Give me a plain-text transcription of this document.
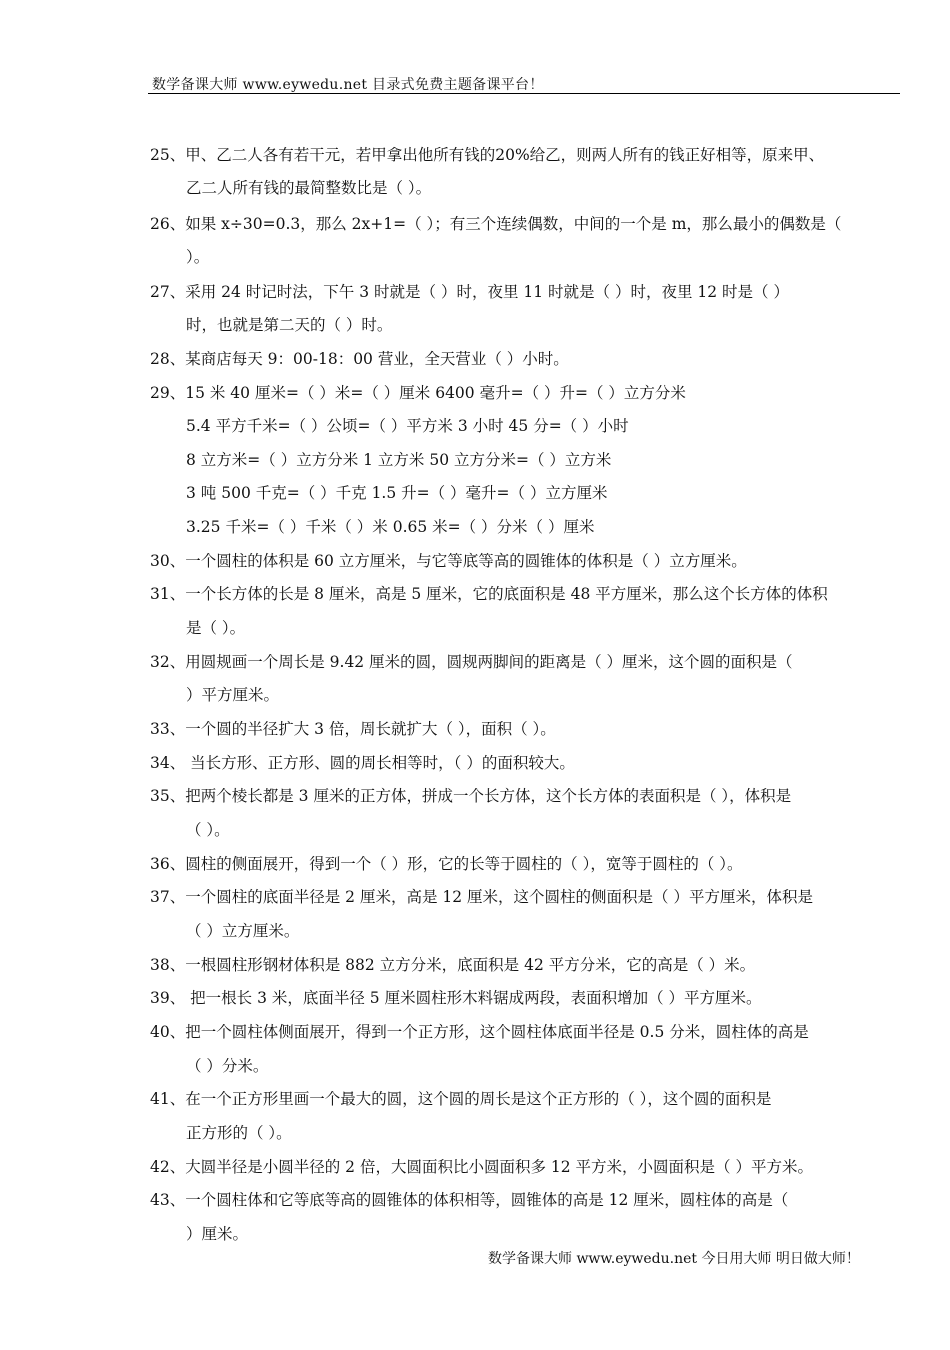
数学备课大师 www.eywedu.net 目录式免费主题备课平台！
25、甲、乙二人各有若干元，若甲拿出他所有钱的20%给乙，则两人所有的钱正好相等，原来甲、
乙二人所有钱的最简整数比是（ ）。
26、如果 x÷30=0.3，那么 2x+1=（ ）；有三个连续偶数，中间的一个是 m，那么最小的偶数是（
）。
27、采用 24 时记时法，下午 3 时就是（ ）时，夜里 11 时就是（ ）时，夜里 12 时是（ ）
时，也就是第二天的（ ）时。
28、某商店每天 9：00-18：00 营业，全天营业（ ）小时。
29、15 米 40 厘米=（ ）米=（ ）厘米 6400 毫升=（ ）升=（ ）立方分米
5.4 平方千米=（ ）公顷=（ ）平方米 3 小时 45 分=（ ）小时
8 立方米=（ ）立方分米 1 立方米 50 立方分米=（ ）立方米
3 吨 500 千克=（ ）千克 1.5 升=（ ）毫升=（ ）立方厘米
3.25 千米=（ ）千米（ ）米 0.65 米=（ ）分米（ ）厘米
30、一个圆柱的体积是 60 立方厘米，与它等底等高的圆锥体的体积是（ ）立方厘米。
31、一个长方体的长是 8 厘米，高是 5 厘米，它的底面积是 48 平方厘米，那么这个长方体的体积
是（ ）。
32、用圆规画一个周长是 9.42 厘米的圆，圆规两脚间的距离是（ ）厘米，这个圆的面积是（
）平方厘米。
33、一个圆的半径扩大 3 倍，周长就扩大（ ），面积（ ）。
34、 当长方形、正方形、圆的周长相等时，（ ）的面积较大。
35、把两个棱长都是 3 厘米的正方体，拼成一个长方体，这个长方体的表面积是（ ），体积是
（ ）。
36、圆柱的侧面展开，得到一个（ ）形，它的长等于圆柱的（ ），宽等于圆柱的（ ）。
37、一个圆柱的底面半径是 2 厘米，高是 12 厘米，这个圆柱的侧面积是（ ）平方厘米，体积是
（ ）立方厘米。
38、一根圆柱形钢材体积是 882 立方分米，底面积是 42 平方分米，它的高是（ ）米。
39、 把一根长 3 米，底面半径 5 厘米圆柱形木料锯成两段，表面积增加（ ）平方厘米。
40、把一个圆柱体侧面展开，得到一个正方形，这个圆柱体底面半径是 0.5 分米，圆柱体的高是
（ ）分米。
41、在一个正方形里画一个最大的圆，这个圆的周长是这个正方形的（ ），这个圆的面积是
正方形的（ ）。
42、大圆半径是小圆半径的 2 倍，大圆面积比小圆面积多 12 平方米，小圆面积是（ ）平方米。
43、一个圆柱体和它等底等高的圆锥体的体积相等，圆锥体的高是 12 厘米，圆柱体的高是（
）厘米。
数学备课大师 www.eywedu.net 今日用大师 明日做大师！
